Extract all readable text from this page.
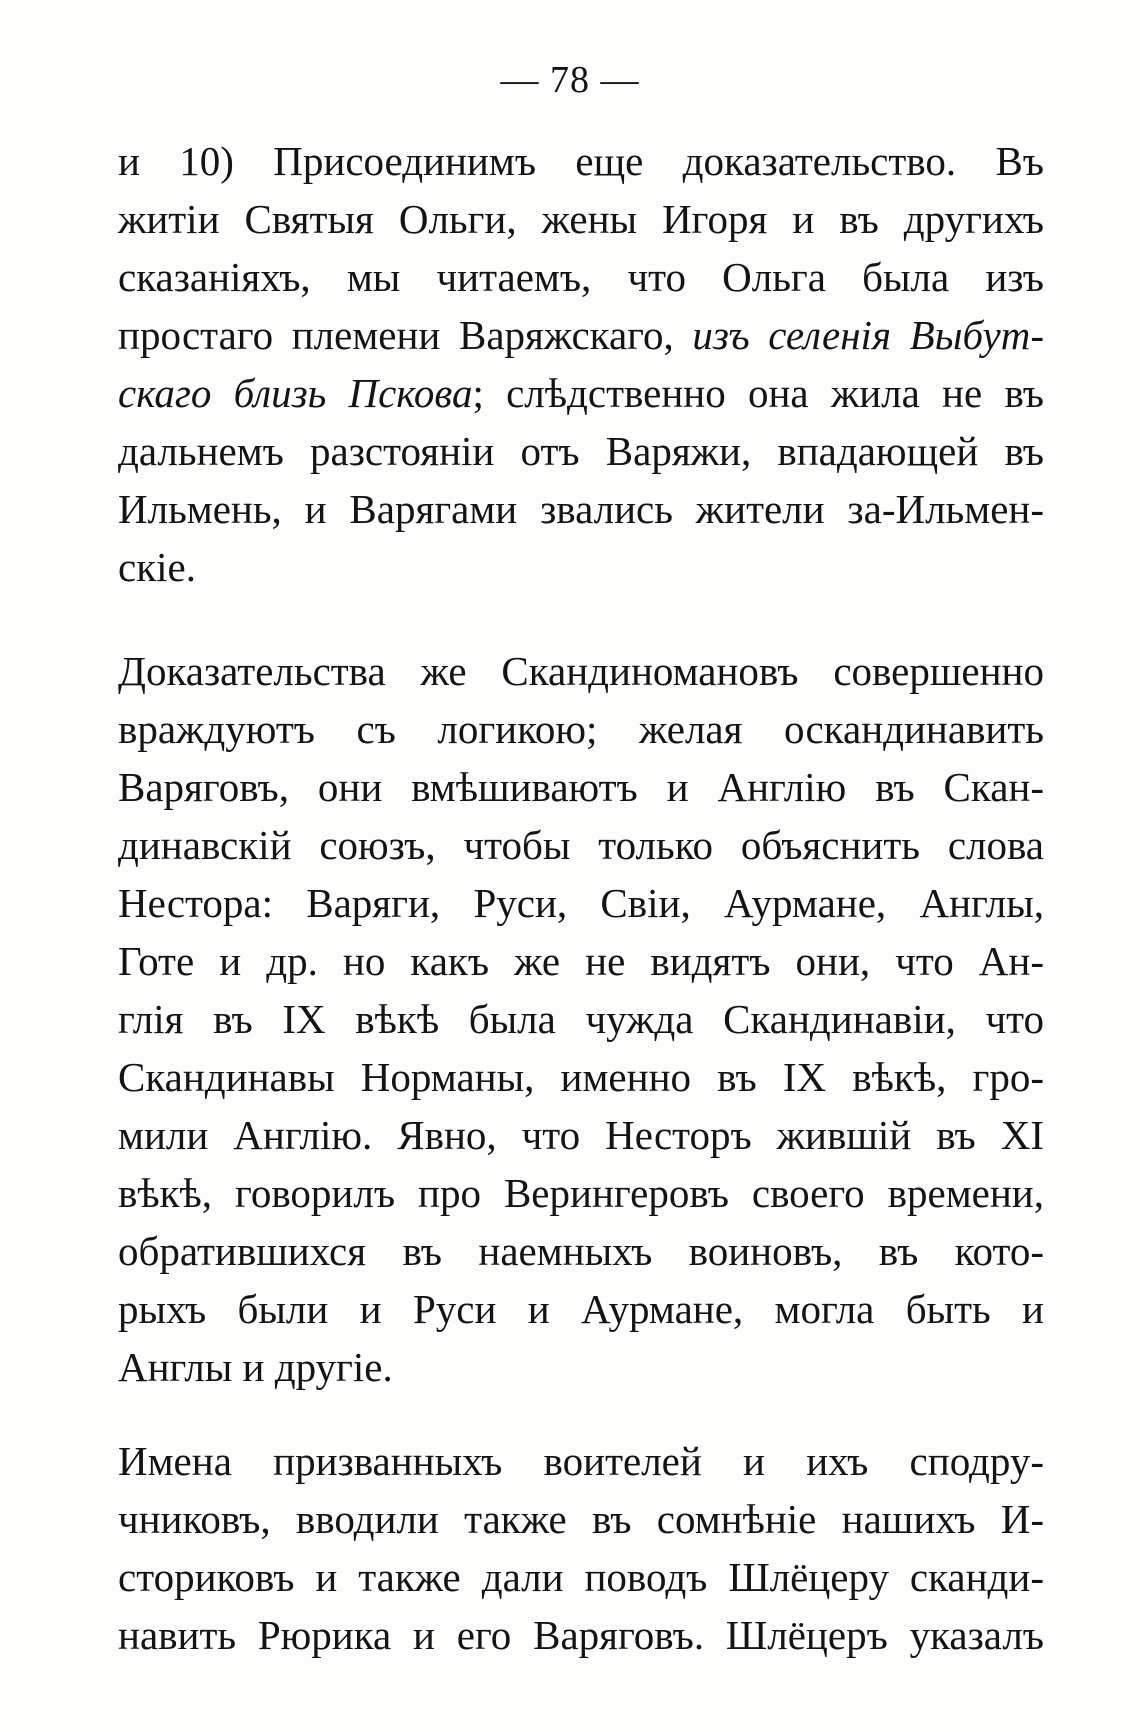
— 78 —
и 10) Присоединимъ еще доказательство. Въ
житіи Святыя Ольги, жены Игоря и въ другихъ
сказаніяхъ, мы читаемъ, что Ольга была изъ
простаго племени Варяжскаго, изъ селенія Выбут-
скаго близь Пскова; слѣдственно она жила не въ
дальнемъ разстояніи отъ Варяжи, впадающей въ
Ильмень, и Варягами звались жители за-Ильмен-
скіе.
Доказательства же Скандиномановъ совершенно
враждуютъ съ логикою; желая оскандинавить
Варяговъ, они вмѣшиваютъ и Англію въ Скан-
динавскій союзъ, чтобы только объяснить слова
Нестора: Варяги, Руси, Свіи, Аурмане, Англы,
Готе и др. но какъ же не видятъ они, что Ан-
глія въ IX вѣкѣ была чужда Скандинавіи, что
Скандинавы Норманы, именно въ IX вѣкѣ, гро-
мили Англію. Явно, что Несторъ жившій въ XI
вѣкѣ, говорилъ про Верингеровъ своего времени,
обратившихся въ наемныхъ воиновъ, въ кото-
рыхъ были и Руси и Аурмане, могла быть и
Англы и другіе.
Имена призванныхъ воителей и ихъ сподру-
чниковъ, вводили также въ сомнѣніе нашихъ И-
сториковъ и также дали поводъ Шлёцеру сканди-
навить Рюрика и его Варяговъ. Шлёцеръ указалъ
